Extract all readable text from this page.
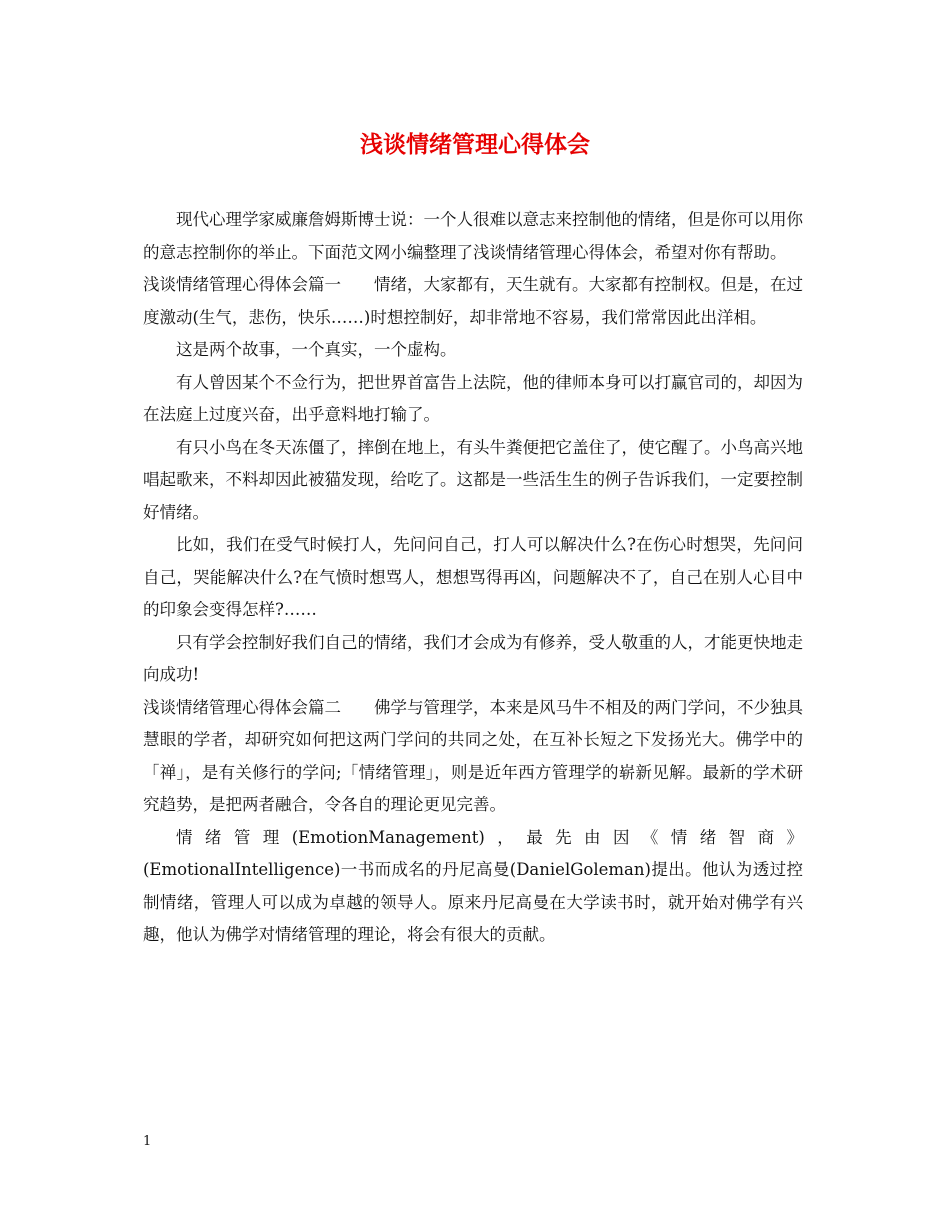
浅谈情绪管理心得体会

现代心理学家威廉詹姆斯博士说：一个人很难以意志来控制他的情绪，但是你可以用你的意志控制你的举止。下面范文网小编整理了浅谈情绪管理心得体会，希望对你有帮助。

浅谈情绪管理心得体会篇一　　情绪，大家都有，天生就有。大家都有控制权。但是，在过度激动(生气，悲伤，快乐……)时想控制好，却非常地不容易，我们常常因此出洋相。

这是两个故事，一个真实，一个虚构。

有人曾因某个不佥行为，把世界首富告上法院，他的律师本身可以打赢官司的，却因为在法庭上过度兴奋，出乎意料地打输了。

有只小鸟在冬天冻僵了，摔倒在地上，有头牛粪便把它盖住了，使它醒了。小鸟高兴地唱起歌来，不料却因此被猫发现，给吃了。这都是一些活生生的例子告诉我们，一定要控制好情绪。

比如，我们在受气时候打人，先问问自己，打人可以解决什么?在伤心时想哭，先问问自己，哭能解决什么?在气愤时想骂人，想想骂得再凶，问题解决不了，自己在别人心目中的印象会变得怎样?……

只有学会控制好我们自己的情绪，我们才会成为有修养，受人敬重的人，才能更快地走向成功!

浅谈情绪管理心得体会篇二　　佛学与管理学，本来是风马牛不相及的两门学问，不少独具慧眼的学者，却研究如何把这两门学问的共同之处，在互补长短之下发扬光大。佛学中的「禅」，是有关修行的学问;「情绪管理」，则是近年西方管理学的崭新见解。最新的学术研究趋势，是把两者融合，令各自的理论更见完善。

情绪管理(EmotionManagement)，最先由因《情绪智商》

(EmotionalIntelligence)一书而成名的丹尼高曼(DanielGoleman)提出。他认为透过控制情绪，管理人可以成为卓越的领导人。原来丹尼高曼在大学读书时，就开始对佛学有兴趣，他认为佛学对情绪管理的理论，将会有很大的贡献。

1
